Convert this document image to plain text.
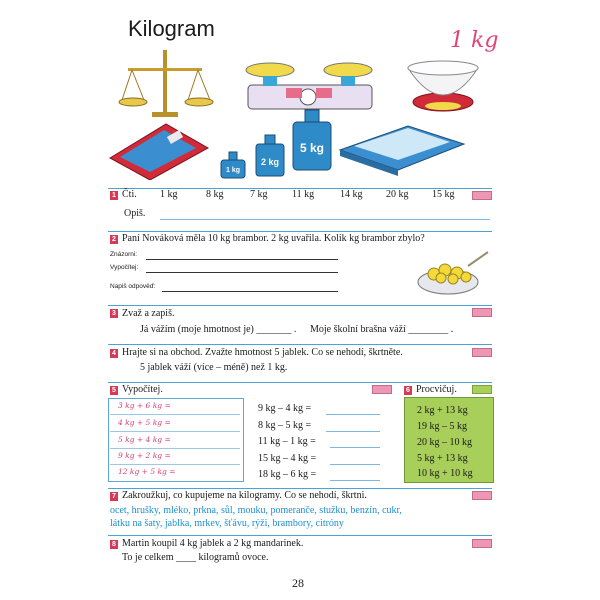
Kilogram	1 kg
1 kg
2 kg
5 kg
1 Čti. 1 kg	8 kg	7 kg 11 kg	14 kg 20 kg 15 kg
Opiš.
2 Paní Nováková měla 10 kg brambor. 2 kg uvařila. Kolik kg brambor zbylo?
Znázorni:
Vypočítej:
Napiš odpověď:
3 Zvaž a zapiš.
Já vážím (moje hmotnost je) _______ . Moje školní brašna váží ________ .
4 Hrajte si na obchod. Zvažte hmotnost 5 jablek. Co se nehodí, škrtněte.
5 jablek váží (více – méně) než 1 kg.
5 Vypočítej.	6 Procvičuj.
3 kg + 6 kg =
4 kg + 5 kg =
5 kg + 4 kg =
9 kg + 2 kg =
12 kg + 5 kg =
9 kg – 4 kg =
8 kg – 5 kg =
11 kg – 1 kg =
15 kg – 4 kg =
18 kg – 6 kg =
2 kg + 13 kg
19 kg – 5 kg
20 kg – 10 kg
5 kg + 13 kg
10 kg + 10 kg
7 Zakroužkuj, co kupujeme na kilogramy. Co se nehodí, škrtni.
ocet, hrušky, mléko, prkna, sůl, mouku, pomeranče, stužku, benzín, cukr,
látku na šaty, jablka, mrkev, šťávu, rýži, brambory, citróny
8 Martin koupil 4 kg jablek a 2 kg mandarinek.
To je celkem ____ kilogramů ovoce.
28
